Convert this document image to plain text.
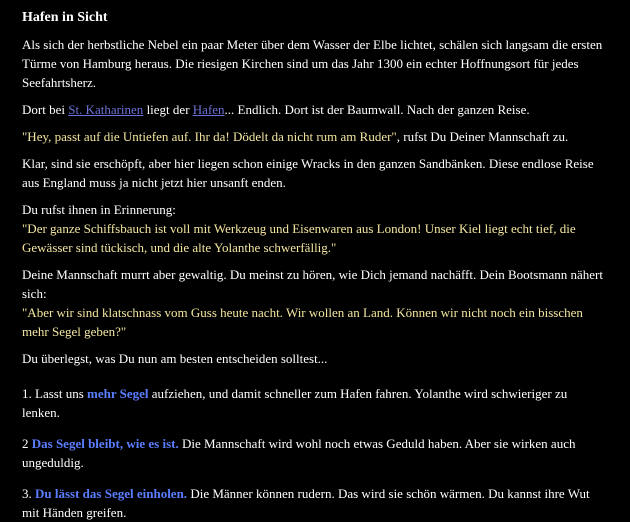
Hafen in Sicht

Als sich der herbstliche Nebel ein paar Meter über dem Wasser der Elbe lichtet, schälen sich langsam die ersten Türme von Hamburg heraus. Die riesigen Kirchen sind um das Jahr 1300 ein echter Hoffnungsort für jedes Seefahrtsherz.

Dort bei St. Katharinen liegt der Hafen... Endlich. Dort ist der Baumwall. Nach der ganzen Reise.

"Hey, passt auf die Untiefen auf. Ihr da! Dödelt da nicht rum am Ruder", rufst Du Deiner Mannschaft zu.

Klar, sind sie erschöpft, aber hier liegen schon einige Wracks in den ganzen Sandbänken. Diese endlose Reise aus England muss ja nicht jetzt hier unsanft enden.

Du rufst ihnen in Erinnerung:
"Der ganze Schiffsbauch ist voll mit Werkzeug und Eisenwaren aus London! Unser Kiel liegt echt tief, die Gewässer sind tückisch, und die alte Yolanthe schwerfällig."

Deine Mannschaft murrt aber gewaltig. Du meinst zu hören, wie Dich jemand nachäfft. Dein Bootsmann nähert sich:
"Aber wir sind klatschnass vom Guss heute nacht. Wir wollen an Land. Können wir nicht noch ein bisschen mehr Segel geben?"

Du überlegst, was Du nun am besten entscheiden solltest...

1. Lasst uns mehr Segel aufziehen, und damit schneller zum Hafen fahren. Yolanthe wird schwieriger zu lenken.

2 Das Segel bleibt, wie es ist. Die Mannschaft wird wohl noch etwas Geduld haben. Aber sie wirken auch ungeduldig.

3. Du lässt das Segel einholen. Die Männer können rudern. Das wird sie schön wärmen. Du kannst ihre Wut mit Händen greifen.
